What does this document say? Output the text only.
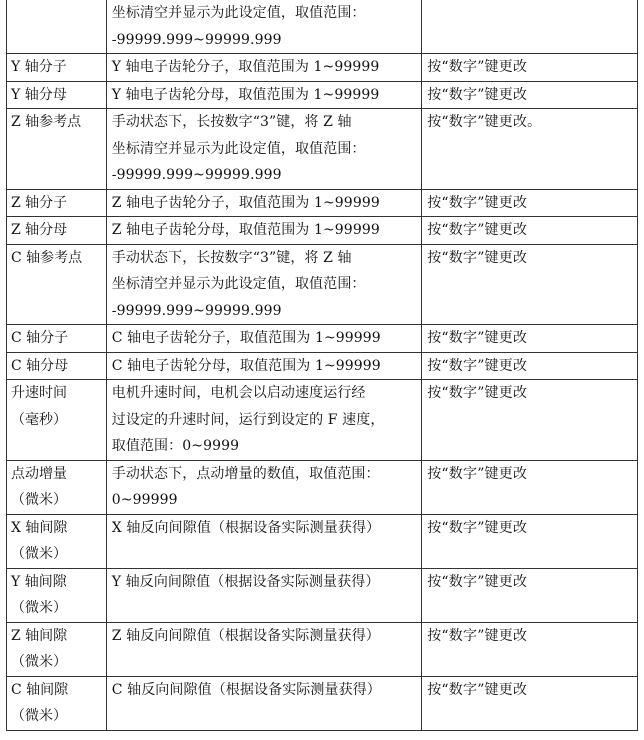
	坐标清空并显示为此设定值，取值范围：
-99999.999~99999.999	
Y 轴分子	Y 轴电子齿轮分子，取值范围为 1~99999	按“数字”键更改
Y 轴分母	Y 轴电子齿轮分母，取值范围为 1~99999	按“数字”键更改
Z 轴参考点	手动状态下，长按数字“3”键，将 Z 轴
坐标清空并显示为此设定值，取值范围：
-99999.999~99999.999	按“数字”键更改。
Z 轴分子	Z 轴电子齿轮分子，取值范围为 1~99999	按“数字”键更改
Z 轴分母	Z 轴电子齿轮分母，取值范围为 1~99999	按“数字”键更改
C 轴参考点	手动状态下，长按数字“3”键，将 Z 轴
坐标清空并显示为此设定值，取值范围：
-99999.999~99999.999	按“数字”键更改
C 轴分子	C 轴电子齿轮分子，取值范围为 1~99999	按“数字”键更改
C 轴分母	C 轴电子齿轮分母，取值范围为 1~99999	按“数字”键更改
升速时间
（毫秒）	电机升速时间，电机会以启动速度运行经
过设定的升速时间，运行到设定的 F 速度，
取值范围：0~9999	按“数字”键更改
点动增量
（微米）	手动状态下，点动增量的数值，取值范围：
0~99999	按“数字”键更改
X 轴间隙
（微米）	X 轴反向间隙值（根据设备实际测量获得）	按“数字”键更改
Y 轴间隙
（微米）	Y 轴反向间隙值（根据设备实际测量获得）	按“数字”键更改
Z 轴间隙
（微米）	Z 轴反向间隙值（根据设备实际测量获得）	按“数字”键更改
C 轴间隙
（微米）	C 轴反向间隙值（根据设备实际测量获得）	按“数字”键更改
